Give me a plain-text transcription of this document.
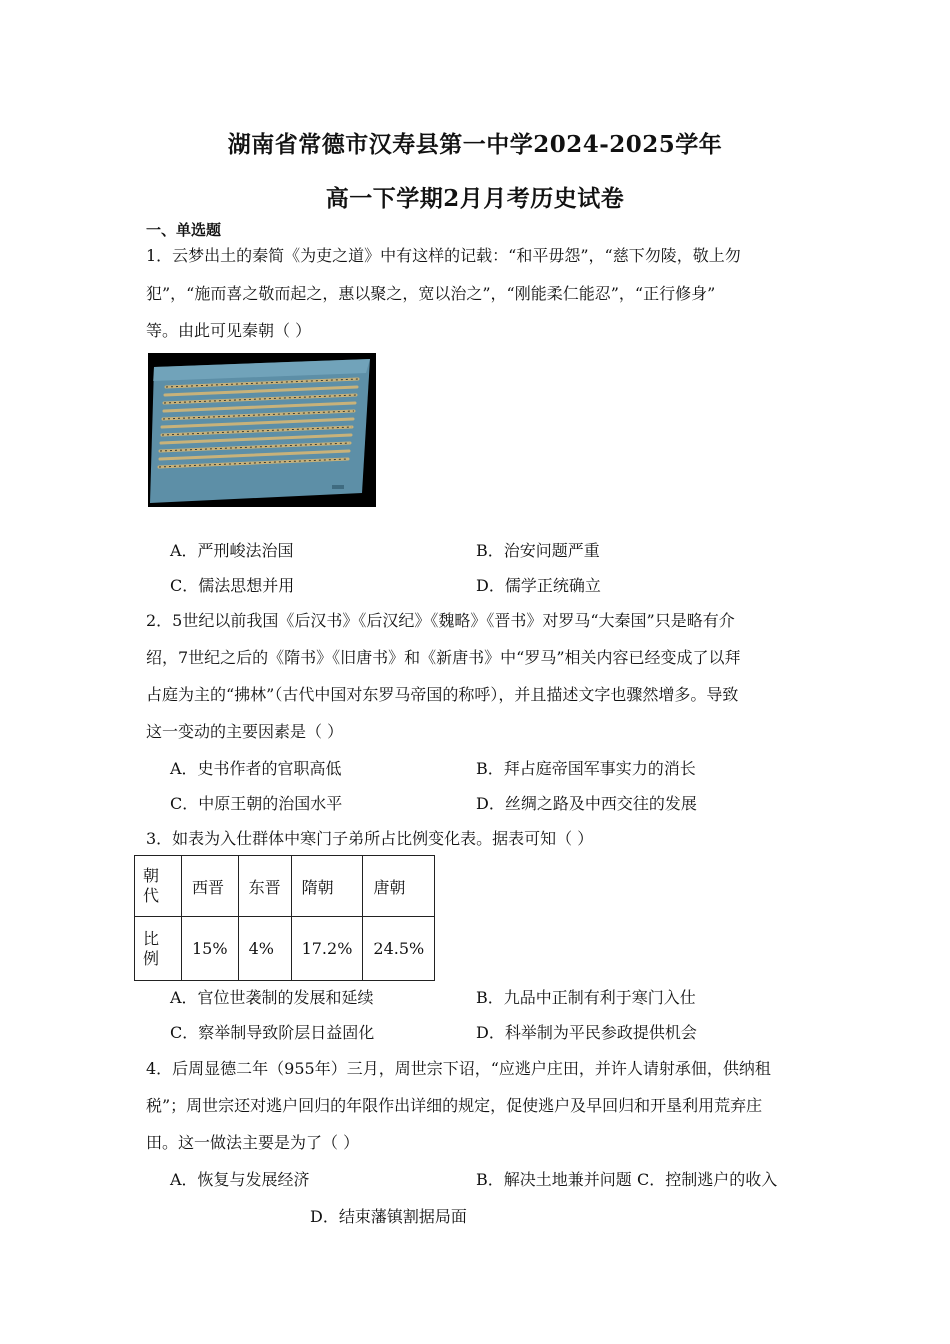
湖南省常德市汉寿县第一中学2024-2025学年
高一下学期2月月考历史试卷
一、单选题
1．云梦出土的秦简《为吏之道》中有这样的记载：“和平毋怨”，“慈下勿陵，敬上勿
犯”，“施而喜之敬而起之，惠以聚之，宽以治之”，“刚能柔仁能忍”，“正行修身”
等。由此可见秦朝（ ）
A．严刑峻法治国	B．治安问题严重
C．儒法思想并用	D．儒学正统确立
2．5世纪以前我国《后汉书》《后汉纪》《魏略》《晋书》对罗马“大秦国”只是略有介
绍，7世纪之后的《隋书》《旧唐书》和《新唐书》中“罗马”相关内容已经变成了以拜
占庭为主的“拂林”（古代中国对东罗马帝国的称呼），并且描述文字也骤然增多。导致
这一变动的主要因素是（ ）
A．史书作者的官职高低	B．拜占庭帝国军事实力的消长
C．中原王朝的治国水平	D．丝绸之路及中西交往的发展
3．如表为入仕群体中寒门子弟所占比例变化表。据表可知（ ）
朝代	西晋	东晋	隋朝	唐朝
比例	15%	4%	17.2%	24.5%
A．官位世袭制的发展和延续	B．九品中正制有利于寒门入仕
C．察举制导致阶层日益固化	D．科举制为平民参政提供机会
4．后周显德二年（955年）三月，周世宗下诏，“应逃户庄田，并许人请射承佃，供纳租
税”；周世宗还对逃户回归的年限作出详细的规定，促使逃户及早回归和开垦利用荒弃庄
田。这一做法主要是为了（ ）
A．恢复与发展经济	B．解决土地兼并问题 C．控制逃户的收入
D．结束藩镇割据局面
